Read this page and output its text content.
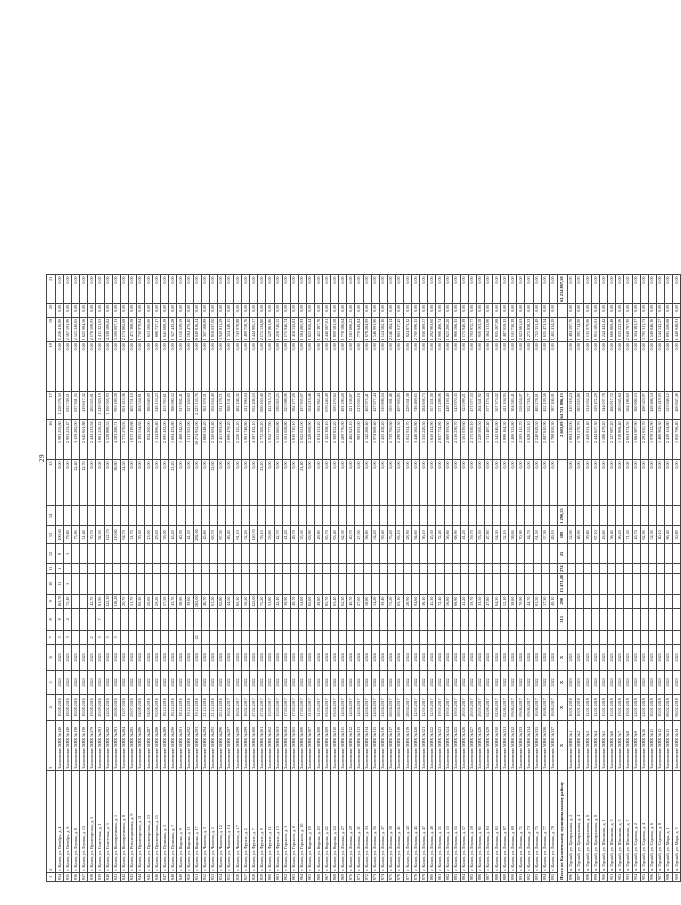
29
1	2	3	4	5	6	7	8	9	10	11	12	13	14	15	16	17	18	19	20	21
834	г. Калач, ул. Октябрь, д. 4	Заключение МВК №140	10.08.2016	2023	2025	5	8	163,70	11	1	8	100,00		0,00	5 983 255,60	1 258 576,50	0,00	5 236 410,80	0,00	0,00
835	г. Калач, ул. Октябрь, д. 6	Заключение МВК №140	18.08.2016	2023	2025	3	4	75,40	3		3	79,80		0,00	2 903 253,47	635 749,51	0,00	2 567 503,96	0,00	0,00
836	г. Калач, ул. Ленина, д. 8	Заключение МВК №138	16.08.2016	2023	2025							75,90		22,40	3 159 282,00	637 941,35	0,00	2 521 340,65	0,00	0,00
837	г. Калач, ул. Ленина, д. 13	Заключение МВК №138	16.08.2016	2023	2025							51,40		12,70	2 045 601,88	419 617,32	0,00	1 625 984,56	0,00	0,00
838	г. Калач, ул. Пролетарская, д. 3	Заключение МВК №379	19.08.2016	2023	2025	2		42,70				70,70		0,00	2 443 533,94	265 025,01	0,00	2 178 508,93	0,00	0,00
839	г. Калач, ул. Советская, д. 1	Заключение МВК №281	20.09.2016	2023	2025	5	7	81,90				92,50		0,00	3 661 250,22	1 249 929,19	0,00	2 411 321,03	0,00	0,00
840	г. Калач, ул. Советская, д. 3	Заключение МВК №282	24.02.2016	2022	2024	5		122,30				122,70		0,00	5 528 886,55	1 190 305,93	0,00	4 338 580,62	0,00	0,00
841	г. Калач, ул. Кооперативная, д. 1	Заключение МВК №281	28.06.2016	2022	2024	5		116,20				110,80		38,80	4 583 286,71	993 189,58	0,00	3 590 097,13	0,00	0,00
842	г. Калач, ул. Кооперативная, д. 8	Заключение МВК №284	13.07.2016	2022	2024			20,70				64,70		24,50	2 775 276,05	601 413,36	0,00	2 173 862,69	0,00	0,00
843	г. Калач, ул. Революционная, д. 9	Заключение МВК №285	29.07.2016	2022	2024			51,70				51,70		0,00	1 875 119,68	403 751,10	0,00	1 471 368,58	0,00	0,00
844	г. Калач, ул. Пролетарская, д. 11	Заключение МВК №286	04.08.2016	2022	2024			60,30				59,50		0,00	2 195 534,65	464 554,81	0,00	1 730 979,84	0,00	0,00
845	г. Калач, ул. Пролетарская, д. 13	Заключение МВК №287	04.08.2016	2022	2024			20,00				23,00		0,00	834 200,00	180 640,00	0,00	653 560,00	0,00	0,00
846	г. Калач, ул. Пролетарская, д. 15	Заключение МВК №288	05.08.2016	2022	2024			29,20				29,20		0,00	1 134 890,40	246 153,23	0,00	888 737,17	0,00	0,00
847	г. Калач, ул. Пушкина, д. 5	Заключение МВК №289	16.12.2016	2022	2024			57,50				59,00		0,00	2 095 432,00	453 763,61	0,00	1 641 668,39	0,00	0,00
848	г. Калач, ул. Пушкина, д. 7	Заключение МВК №290	16.12.2016	2022	2024			43,70				45,20		23,20	1 694 433,80	366 990,52	0,00	1 327 443,28	0,00	0,00
849	г. Калач, ул. Кирова, д. 9	Заключение МВК №291	18.12.2016	2022	2024			38,90				40,30		0,00	1 468 342,00	317 802,41	0,00	1 150 539,59	0,00	0,00
850	г. Калач, ул. Кирова, д. 11	Заключение МВК №292	19.12.2016	2022	2024			39,60				41,50		0,00	1 511 921,00	327 450,60	0,00	1 184 470,40	0,00	0,00
851	г. Калач, ул. Кирова, д. 17	Заключение МВК №293	19.12.2016	2022	2024	22		282,00				282,00		0,00	10 274 952,00	2 225 135,76	0,00	8 049 816,24	0,00	0,00
852	г. Калач, ул. Чапаева, д. 3	Заключение МВК №294	21.12.2016	2022	2024			46,70				45,80		0,00	1 668 548,20	361 379,31	0,00	1 307 168,89	0,00	0,00
853	г. Калач, ул. Чапаева, д. 5	Заключение МВК №295	21.12.2016	2022	2024			61,20				63,70		22,60	2 320 691,40	502 654,40	0,00	1 818 037,00	0,00	0,00
854	г. Калач, ул. Чапаева, д. 12	Заключение МВК №296	20.12.2016	2022	2024			62,80				67,30		0,00	2 451 991,00	531 179,71	0,00	1 920 811,29	0,00	0,00
855	г. Калач, ул. Чапаева, д. 14	Заключение МВК №297	16.02.2017	2022	2024			44,50				46,40		0,00	1 690 479,20	366 131,05	0,00	1 324 348,15	0,00	0,00
856	г. Калач, ул. Чапаева, д. 17	Заключение МВК №298	16.02.2017	2022	2024			60,30				61,10		0,00	2 226 125,20	482 146,32	0,00	1 743 978,88	0,00	0,00
857	г. Калач, ул. Фрунзе, д. 2	Заключение МВК №299	16.02.2017	2022	2024			50,20				52,20		0,00	1 901 748,80	411 990,04	0,00	1 489 758,76	0,00	0,00
858	г. Калач, ул. Фрунзе, д. 7	Заключение МВК №300	27.02.2017	2022	2024			122,00				120,70		0,00	4 397 432,10	952 436,53	0,00	3 444 995,57	0,00	0,00
859	г. Калач, ул. Фрунзе, д. 9	Заключение МВК №301	27.02.2017	2022	2024			75,20				76,10		23,20	2 772 585,20	600 450,40	0,00	2 172 134,80	0,00	0,00
860	г. Калач, ул. Фрунзе, д. 11	Заключение МВК №302	15.03.2017	2022	2024			53,80				53,60		0,00	1 952 777,60	422 915,74	0,00	1 529 861,86	0,00	0,00
861	г. Калач, ул. Фрунзе, д. 15	Заключение МВК №303	15.03.2017	2022	2024			42,40				42,70		0,00	1 555 665,80	336 925,25	0,00	1 218 740,55	0,00	0,00
862	г. Калач, ул. Горького, д. 3	Заключение МВК №304	17.03.2017	2022	2024			39,90				41,20		0,00	1 501 028,80	325 088,06	0,00	1 175 940,74	0,00	0,00
863	г. Калач, ул. Горького, д. 6	Заключение МВК №305	17.03.2017	2022	2024			49,70				49,70		0,00	1 810 710,10	392 177,29	0,00	1 418 532,81	0,00	0,00
864	г. Калач, ул. Горького, д. 10	Заключение МВК №306	17.03.2017	2022	2024			54,60				55,50		21,40	2 022 021,00	437 935,07	0,00	1 584 085,93	0,00	0,00
865	г. Калач, ул. Кирова, д. 18	Заключение МВК №307	31.03.2017	2022	2024			62,60				63,90		0,00	2 328 069,90	504 219,46	0,00	1 823 850,44	0,00	0,00
866	г. Калач, ул. Кирова, д. 20	Заключение МВК №308	31.03.2017	2022	2024			49,80				49,80		0,00	1 814 353,20	392 965,44	0,00	1 421 387,76	0,00	0,00
867	г. Калач, ул. Кирова, д. 22	Заключение МВК №309	03.04.2017	2022	2024			85,70				85,70		0,00	3 122 308,10	676 240,49	0,00	2 446 067,61	0,00	0,00
868	г. Калач, ул. Кирова, д. 24	Заключение МВК №310	03.04.2017	2022	2024			63,40				63,40		0,00	2 309 852,20	500 270,62	0,00	1 809 581,58	0,00	0,00
869	г. Калач, ул. Ленина, д. 27	Заключение МВК №311	14.04.2017	2022	2024			62,30				62,30		0,00	2 269 776,90	491 590,26	0,00	1 778 186,64	0,00	0,00
870	г. Калач, ул. Ленина, д. 29	Заключение МВК №312	14.04.2017	2022	2024			40,70				40,70		0,00	1 482 823,10	321 156,87	0,00	1 161 666,23	0,00	0,00
871	г. Калач, ул. Ленина, д. 31	Заключение МВК №313	14.04.2017	2022	2024			27,00				27,00		0,00	983 691,00	213 050,16	0,00	770 640,84	0,00	0,00
872	г. Калач, ул. Ленина, д. 33	Заключение МВК №314	24.04.2017	2022	2024			58,80				58,80		0,00	2 142 260,40	463 975,41	0,00	1 678 284,99	0,00	0,00
873	г. Калач, ул. Ленина, д. 35	Заключение МВК №315	24.04.2017	2022	2024			54,20				54,20		0,00	1 974 669,40	427 677,44	0,00	1 546 991,96	0,00	0,00
874	г. Калач, ул. Ленина, д. 37	Заключение МВК №316	24.04.2017	2022	2024			39,40				39,40		0,00	1 435 458,20	310 896,04	0,00	1 124 562,16	0,00	0,00
875	г. Калач, ул. Ленина, д. 39	Заключение МВК №317	28.04.2017	2022	2024			75,20				75,20		0,00	2 739 765,60	593 381,46	0,00	2 146 384,14	0,00	0,00
876	г. Калач, ул. Ленина, д. 41	Заключение МВК №318	28.04.2017	2022	2024			63,10				63,10		0,00	2 298 921,30	497 903,85	0,00	1 801 017,45	0,00	0,00
877	г. Калач, ул. Ленина, д. 43	Заключение МВК №319	28.04.2017	2022	2024			28,90				28,90		0,00	1 052 914,70	228 041,38	0,00	824 873,32	0,00	0,00
878	г. Калач, ул. Ленина, д. 45	Заключение МВК №320	12.05.2017	2022	2024			94,60				94,60		0,00	3 446 565,80	746 469,65	0,00	2 700 096,15	0,00	0,00
879	г. Калач, ул. Ленина, д. 47	Заключение МВК №321	12.05.2017	2022	2024			36,10				36,10		0,00	1 315 226,30	284 856,73	0,00	1 030 369,57	0,00	0,00
880	г. Калач, ул. Ленина, д. 49	Заключение МВК №322	12.05.2017	2022	2024			45,30				45,30		0,00	1 650 414,90	357 451,30	0,00	1 292 963,60	0,00	0,00
881	г. Калач, ул. Ленина, д. 51	Заключение МВК №323	19.05.2017	2022	2024			72,40				72,40		0,00	2 637 754,80	571 288,06	0,00	2 066 466,74	0,00	0,00
882	г. Калач, ул. Ленина, д. 53	Заключение МВК №324	19.05.2017	2022	2024			56,80				56,80		0,00	2 069 393,60	448 193,40	0,00	1 621 200,20	0,00	0,00
883	г. Калач, ул. Ленина, д. 55	Заключение МВК №325	19.05.2017	2022	2024			68,90				68,90		0,00	2 510 236,70	543 670,35	0,00	1 966 566,35	0,00	0,00
884	г. Калач, ул. Ленина, д. 57	Заключение МВК №326	26.05.2017	2022	2024			41,20				41,20		0,00	1 501 039,60	325 099,21	0,00	1 175 940,39	0,00	0,00
885	г. Калач, ул. Ленина, д. 59	Заключение МВК №327	26.05.2017	2022	2024			59,70				59,70		0,00	2 175 050,10	471 077,33	0,00	1 703 972,77	0,00	0,00
886	г. Калач, ул. Ленина, д. 61	Заключение МВК №328	26.05.2017	2022	2024			33,50				33,50		0,00	1 220 505,50	264 341,92	0,00	956 163,58	0,00	0,00
887	г. Калач, ул. Ленина, д. 63	Заключение МВК №329	02.06.2017	2022	2024			47,80				47,80		0,00	1 741 487,40	377 173,44	0,00	1 364 313,96	0,00	0,00
888	г. Калач, ул. Ленина, д. 65	Заключение МВК №330	02.06.2017	2022	2024			64,30				64,30		0,00	2 342 640,90	507 373,02	0,00	1 835 267,88	0,00	0,00
889	г. Калач, ул. Ленина, д. 67	Заключение МВК №331	02.06.2017	2022	2024			52,10				52,10		0,00	1 898 164,30	411 104,95	0,00	1 487 059,35	0,00	0,00
890	г. Калач, ул. Ленина, д. 69	Заключение МВК №332	09.06.2017	2022	2024			38,60				38,60		0,00	1 406 313,80	304 583,41	0,00	1 101 730,39	0,00	0,00
891	г. Калач, ул. Ленина, д. 71	Заключение МВК №333	09.06.2017	2022	2024			70,90				70,90		0,00	2 583 115,70	559 454,07	0,00	2 023 661,63	0,00	0,00
892	г. Калач, ул. Ленина, д. 73	Заключение МВК №334	09.06.2017	2022	2024			44,70				44,70		0,00	1 628 555,10	352 716,77	0,00	1 275 838,33	0,00	0,00
893	г. Калач, ул. Ленина, д. 75	Заключение МВК №335	16.06.2017	2022	2024			61,50				61,50		0,00	2 240 629,50	485 278,01	0,00	1 755 351,49	0,00	0,00
894	г. Калач, ул. Ленина, д. 77	Заключение МВК №336	16.06.2017	2022	2024			57,30				57,30		0,00	2 087 610,90	452 139,56	0,00	1 635 471,34	0,00	0,00
895	г. Калач, ул. Ленина, д. 79	Заключение МВК №337	16.06.2017	2022	2024			49,10				49,10		0,00	1 788 850,30	387 436,01	0,00	1 401 414,29	0,00	0,00
Итого по Калачевскому муниципальному району		X	X	X	X		315	298	13 471,40	274	25	189	1 290,55		2 603,09	64 721 896,13				61 214 897,58
896	п. Горный, ул. Центральная, д. 2	Заключение МВК №1	10.01.2018	2023	2025							52,00		0,00	1 894 516,00	410 318,24	0,00	1 484 197,76	0,00	0,00
897	п. Горный, ул. Центральная, д. 4	Заключение МВК №2	10.01.2018	2023	2025							48,90		0,00	1 781 570,70	385 855,80	0,00	1 395 714,90	0,00	0,00
898	п. Горный, ул. Центральная, д. 6	Заключение МВК №3	12.01.2018	2023	2025							39,80		0,00	1 450 031,40	314 052,34	0,00	1 135 979,06	0,00	0,00
899	п. Горный, ул. Центральная, д. 8	Заключение МВК №4	12.01.2018	2023	2025							67,10		0,00	2 444 657,30	529 472,29	0,00	1 915 185,01	0,00	0,00
900	п. Горный, ул. Школьная, д. 1	Заключение МВК №5	15.01.2018	2023	2025							43,60		0,00	1 588 479,20	344 037,78	0,00	1 244 441,42	0,00	0,00
901	п. Горный, ул. Школьная, д. 3	Заключение МВК №6	15.01.2018	2023	2025							58,40		0,00	2 127 687,20	460 817,72	0,00	1 666 869,48	0,00	0,00
902	п. Горный, ул. Школьная, д. 5	Заключение МВК №7	19.01.2018	2023	2025							36,20		0,00	1 318 869,40	285 645,84	0,00	1 033 223,56	0,00	0,00
903	п. Горный, ул. Школьная, д. 7	Заключение МВК №8	19.01.2018	2023	2025							71,50		0,00	2 604 974,50	564 186,60	0,00	2 040 787,90	0,00	0,00
904	п. Горный, ул. Садовая, д. 2	Заключение МВК №9	24.01.2018	2023	2025							45,70		0,00	1 664 987,90	360 606,53	0,00	1 304 381,37	0,00	0,00
905	п. Горный, ул. Садовая, д. 4	Заключение МВК №10	24.01.2018	2023	2025							62,90		0,00	2 291 635,70	496 323,97	0,00	1 795 311,73	0,00	0,00
906	п. Горный, ул. Садовая, д. 6	Заключение МВК №11	30.01.2018	2023	2025							54,30		0,00	1 978 312,90	428 466,54	0,00	1 549 846,36	0,00	0,00
907	п. Горный, ул. Садовая, д. 8	Заключение МВК №12	30.01.2018	2023	2025							40,10		0,00	1 460 962,30	316 419,03	0,00	1 144 543,27	0,00	0,00
908	п. Горный, ул. Мира, д. 1	Заключение МВК №13	06.02.2018	2023	2025							66,40		0,00	2 419 154,80	523 948,12	0,00	1 895 206,68	0,00	0,00
909	п. Горный, ул. Мира, д. 3	Заключение МВК №14	06.02.2018	2023	2025							50,80		0,00	1 850 796,40	400 847,49	0,00	1 449 948,91	0,00	0,00
